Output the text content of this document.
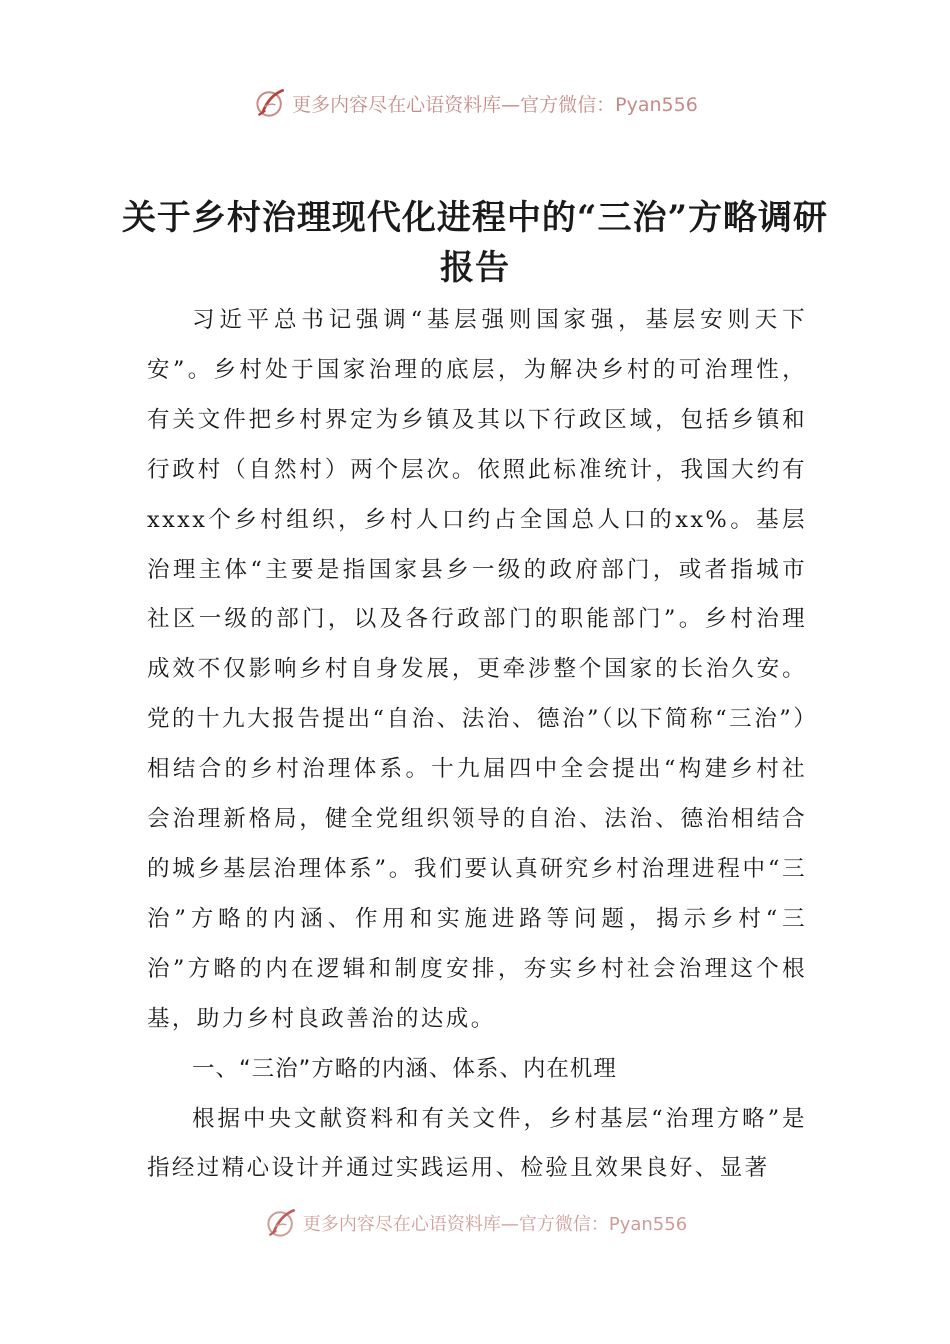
更多内容尽在心语资料库—官方微信：Pyan556
关于乡村治理现代化进程中的“三治”方略调研报告

习近平总书记强调“基层强则国家强，基层安则天下安”。乡村处于国家治理的底层，为解决乡村的可治理性，有关文件把乡村界定为乡镇及其以下行政区域，包括乡镇和行政村（自然村）两个层次。依照此标准统计，我国大约有xxxx个乡村组织，乡村人口约占全国总人口的xx%。基层治理主体“主要是指国家县乡一级的政府部门，或者指城市社区一级的部门，以及各行政部门的职能部门”。乡村治理成效不仅影响乡村自身发展，更牵涉整个国家的长治久安。党的十九大报告提出“自治、法治、德治”（以下简称“三治”）相结合的乡村治理体系。十九届四中全会提出“构建乡村社会治理新格局，健全党组织领导的自治、法治、德治相结合的城乡基层治理体系”。我们要认真研究乡村治理进程中“三治”方略的内涵、作用和实施进路等问题，揭示乡村“三治”方略的内在逻辑和制度安排，夯实乡村社会治理这个根基，助力乡村良政善治的达成。

一、“三治”方略的内涵、体系、内在机理

根据中央文献资料和有关文件，乡村基层“治理方略”是指经过精心设计并通过实践运用、检验且效果良好、显著

更多内容尽在心语资料库—官方微信：Pyan556
